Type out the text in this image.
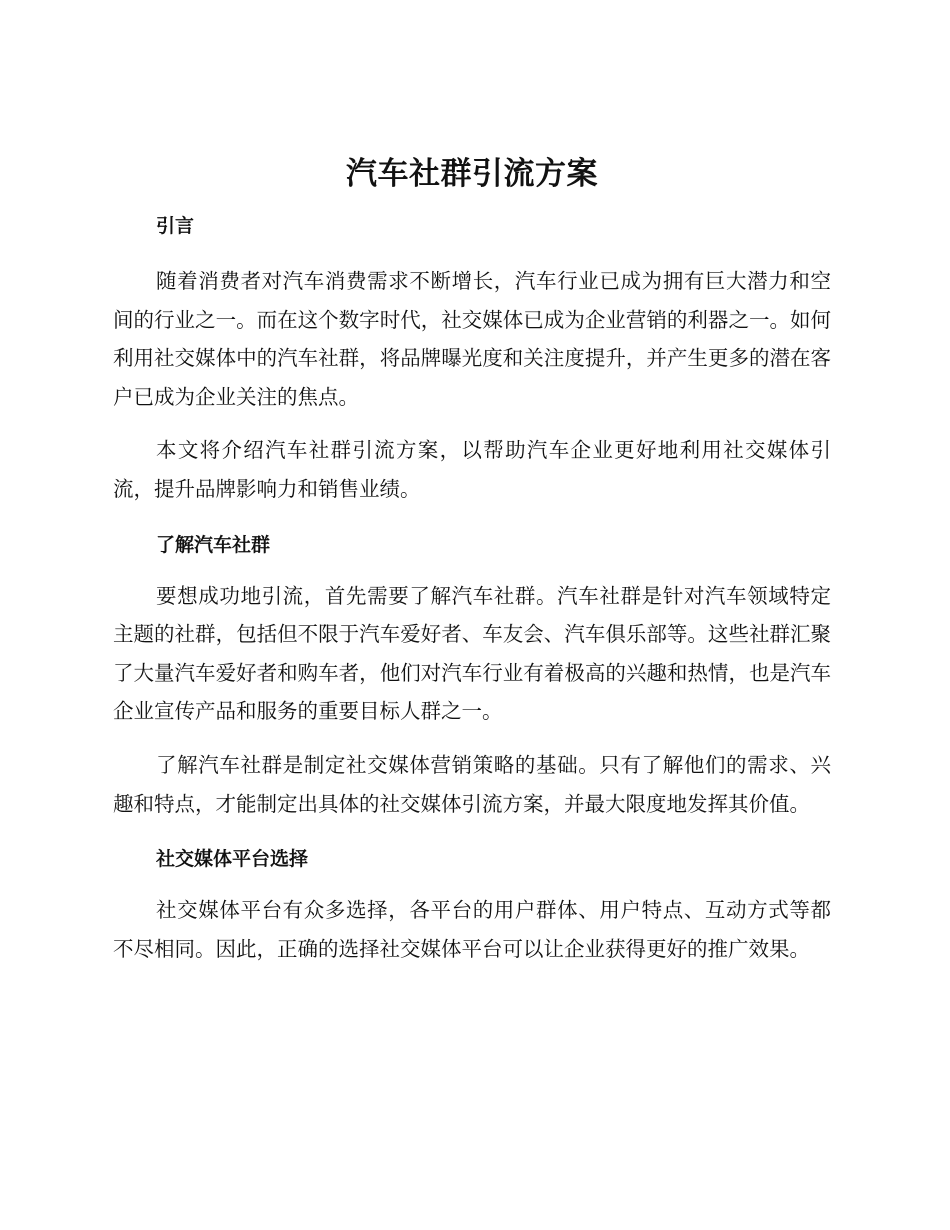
汽车社群引流方案
引言

随着消费者对汽车消费需求不断增长，汽车行业已成为拥有巨大潜力和空间的行业之一。而在这个数字时代，社交媒体已成为企业营销的利器之一。如何利用社交媒体中的汽车社群，将品牌曝光度和关注度提升，并产生更多的潜在客户已成为企业关注的焦点。

本文将介绍汽车社群引流方案，以帮助汽车企业更好地利用社交媒体引流，提升品牌影响力和销售业绩。

了解汽车社群

要想成功地引流，首先需要了解汽车社群。汽车社群是针对汽车领域特定主题的社群，包括但不限于汽车爱好者、车友会、汽车俱乐部等。这些社群汇聚了大量汽车爱好者和购车者，他们对汽车行业有着极高的兴趣和热情，也是汽车企业宣传产品和服务的重要目标人群之一。

了解汽车社群是制定社交媒体营销策略的基础。只有了解他们的需求、兴趣和特点，才能制定出具体的社交媒体引流方案，并最大限度地发挥其价值。

社交媒体平台选择

社交媒体平台有众多选择，各平台的用户群体、用户特点、互动方式等都不尽相同。因此，正确的选择社交媒体平台可以让企业获得更好的推广效果。
